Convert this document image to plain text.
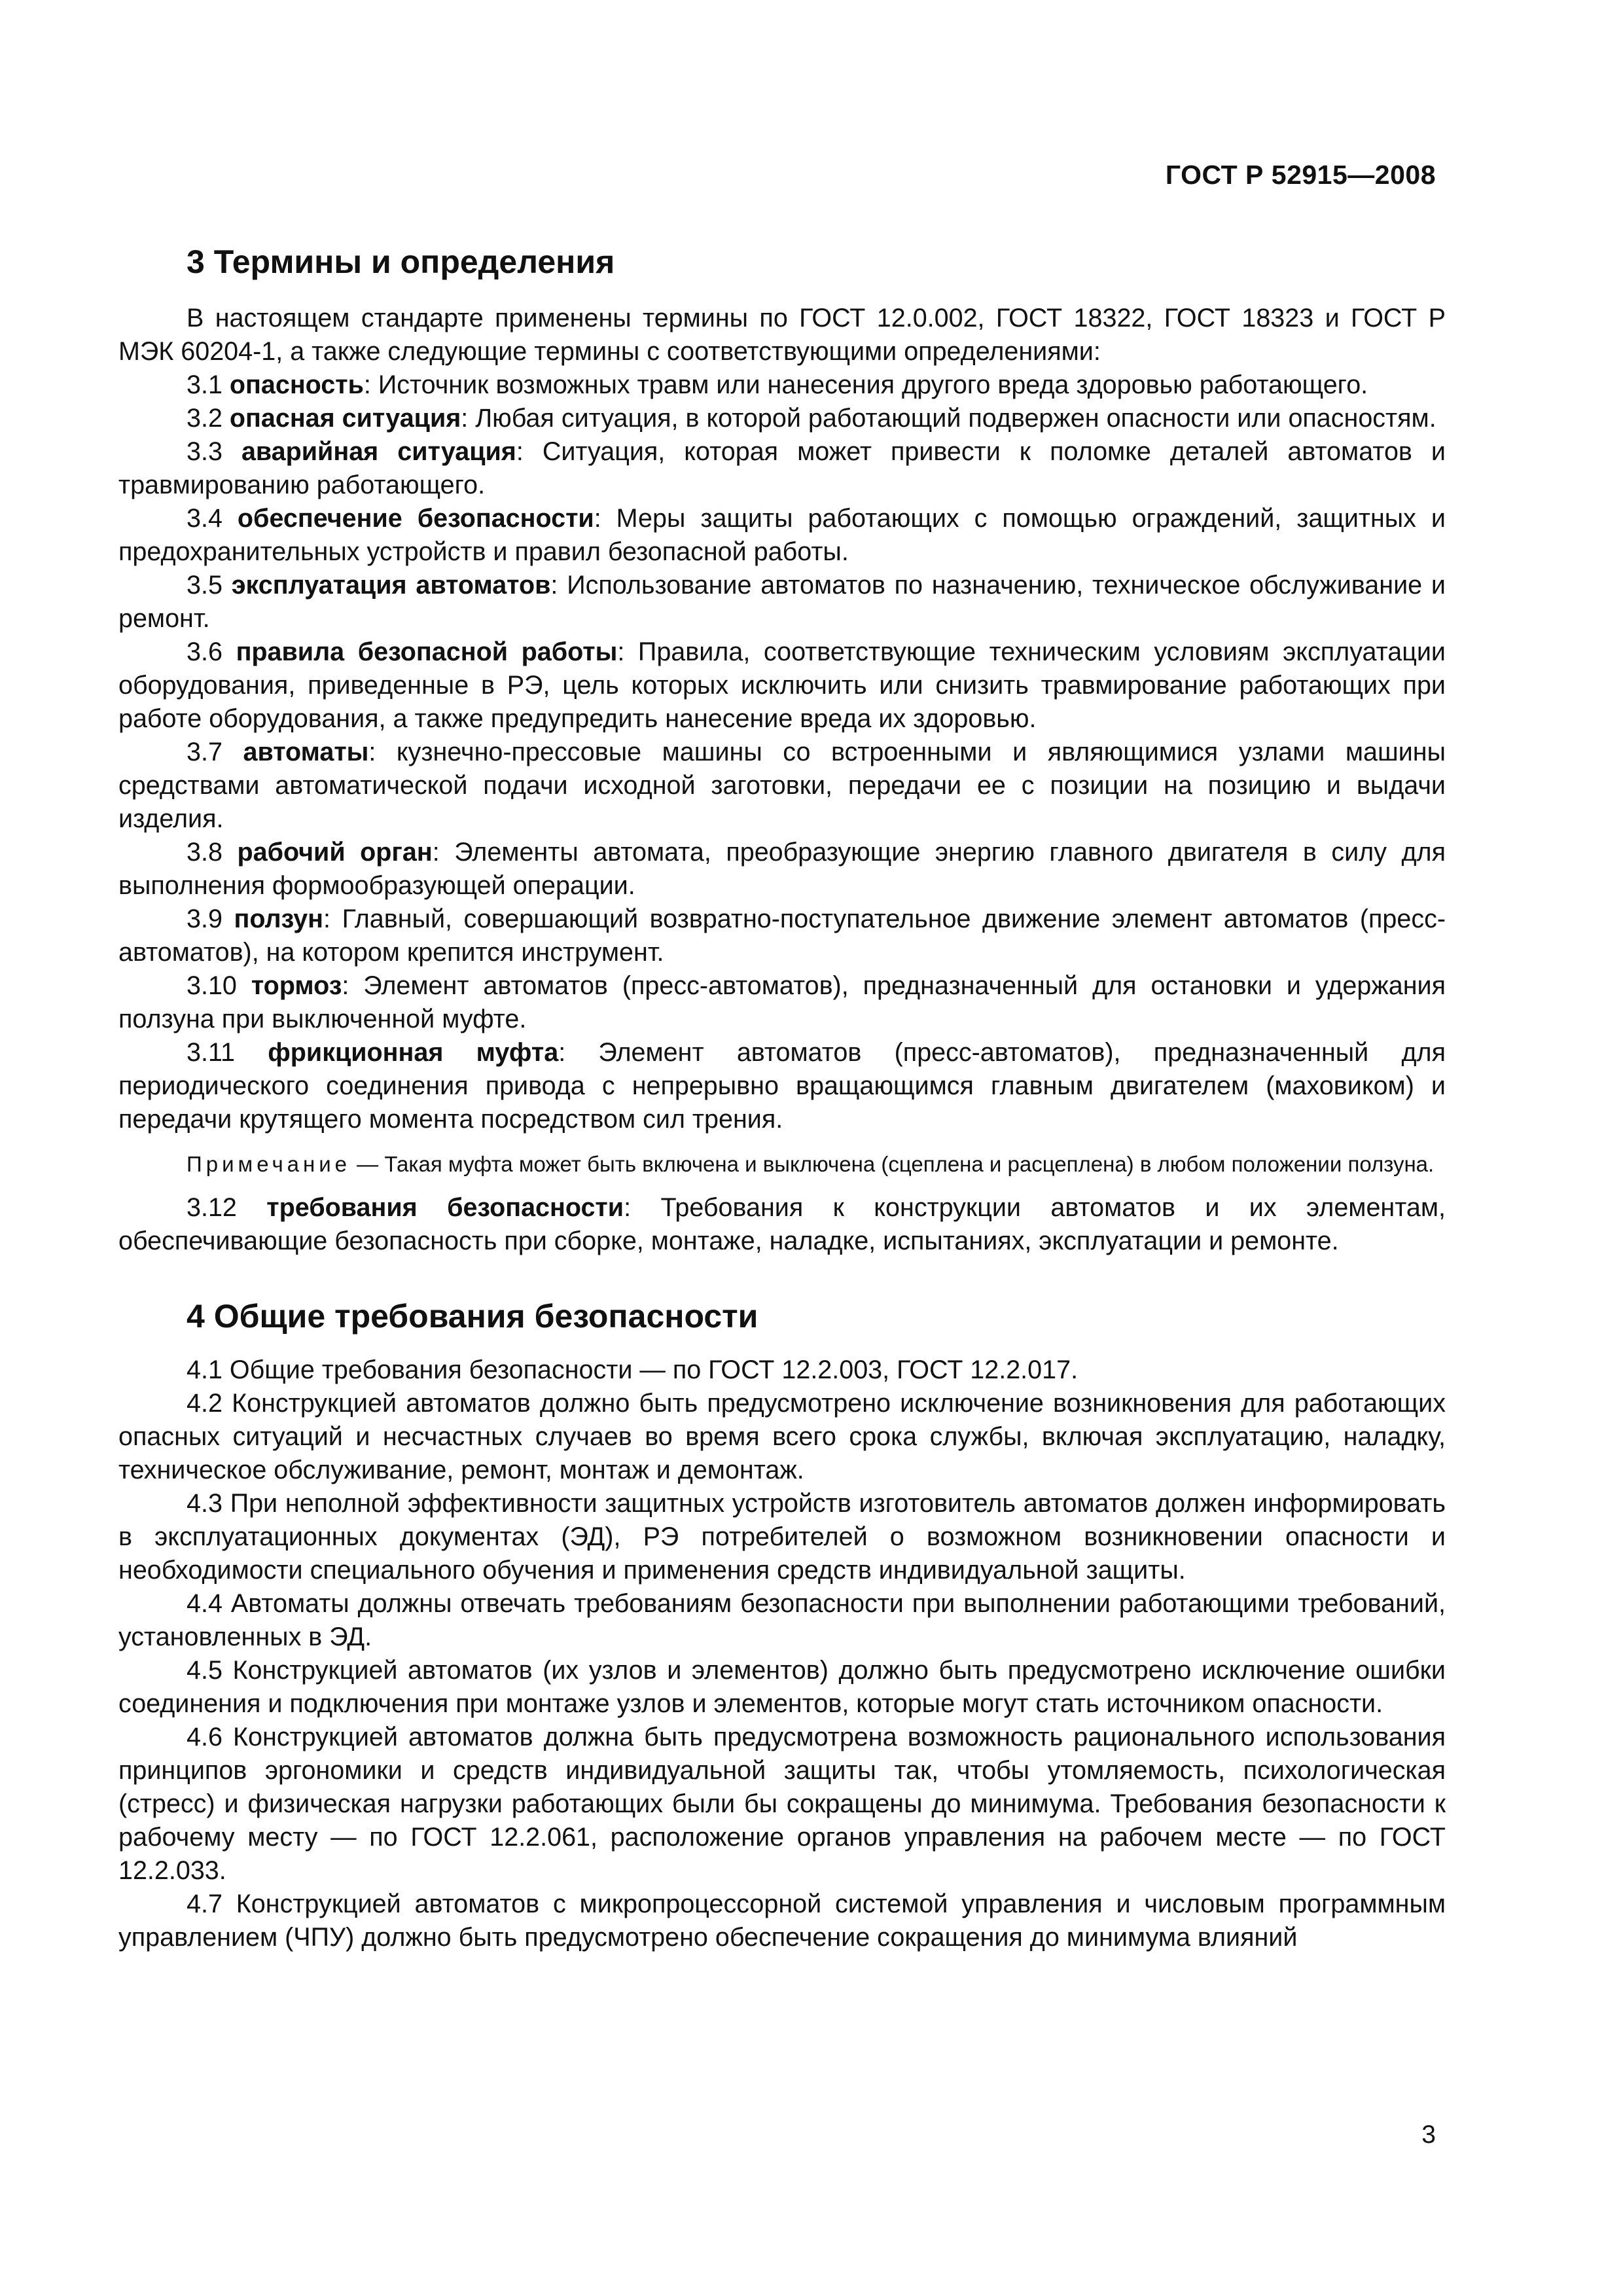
ГОСТ Р 52915—2008
3 Термины и определения

В настоящем стандарте применены термины по ГОСТ 12.0.002, ГОСТ 18322, ГОСТ 18323 и ГОСТ Р МЭК 60204-1, а также следующие термины с соответствующими определениями:

3.1 опасность: Источник возможных травм или нанесения другого вреда здоровью работающего.

3.2 опасная ситуация: Любая ситуация, в которой работающий подвержен опасности или опасностям.

3.3 аварийная ситуация: Ситуация, которая может привести к поломке деталей автоматов и травмированию работающего.

3.4 обеспечение безопасности: Меры защиты работающих с помощью ограждений, защитных и предохранительных устройств и правил безопасной работы.

3.5 эксплуатация автоматов: Использование автоматов по назначению, техническое обслуживание и ремонт.

3.6 правила безопасной работы: Правила, соответствующие техническим условиям эксплуатации оборудования, приведенные в РЭ, цель которых исключить или снизить травмирование работающих при работе оборудования, а также предупредить нанесение вреда их здоровью.

3.7 автоматы: кузнечно-прессовые машины со встроенными и являющимися узлами машины средствами автоматической подачи исходной заготовки, передачи ее с позиции на позицию и выдачи изделия.

3.8 рабочий орган: Элементы автомата, преобразующие энергию главного двигателя в силу для выполнения формообразующей операции.

3.9 ползун: Главный, совершающий возвратно-поступательное движение элемент автоматов (пресс-автоматов), на котором крепится инструмент.

3.10 тормоз: Элемент автоматов (пресс-автоматов), предназначенный для остановки и удержания ползуна при выключенной муфте.

3.11 фрикционная муфта: Элемент автоматов (пресс-автоматов), предназначенный для периодического соединения привода с непрерывно вращающимся главным двигателем (маховиком) и передачи крутящего момента посредством сил трения.

Примечание — Такая муфта может быть включена и выключена (сцеплена и расцеплена) в любом положении ползуна.

3.12 требования безопасности: Требования к конструкции автоматов и их элементам, обеспечивающие безопасность при сборке, монтаже, наладке, испытаниях, эксплуатации и ремонте.

4 Общие требования безопасности

4.1 Общие требования безопасности — по ГОСТ 12.2.003, ГОСТ 12.2.017.

4.2 Конструкцией автоматов должно быть предусмотрено исключение возникновения для работающих опасных ситуаций и несчастных случаев во время всего срока службы, включая эксплуатацию, наладку, техническое обслуживание, ремонт, монтаж и демонтаж.

4.3 При неполной эффективности защитных устройств изготовитель автоматов должен информировать в эксплуатационных документах (ЭД), РЭ потребителей о возможном возникновении опасности и необходимости специального обучения и применения средств индивидуальной защиты.

4.4 Автоматы должны отвечать требованиям безопасности при выполнении работающими требований, установленных в ЭД.

4.5 Конструкцией автоматов (их узлов и элементов) должно быть предусмотрено исключение ошибки соединения и подключения при монтаже узлов и элементов, которые могут стать источником опасности.

4.6 Конструкцией автоматов должна быть предусмотрена возможность рационального использования принципов эргономики и средств индивидуальной защиты так, чтобы утомляемость, психологическая (стресс) и физическая нагрузки работающих были бы сокращены до минимума. Требования безопасности к рабочему месту — по ГОСТ 12.2.061, расположение органов управления на рабочем месте — по ГОСТ 12.2.033.

4.7 Конструкцией автоматов с микропроцессорной системой управления и числовым программным управлением (ЧПУ) должно быть предусмотрено обеспечение сокращения до минимума влияний

3
